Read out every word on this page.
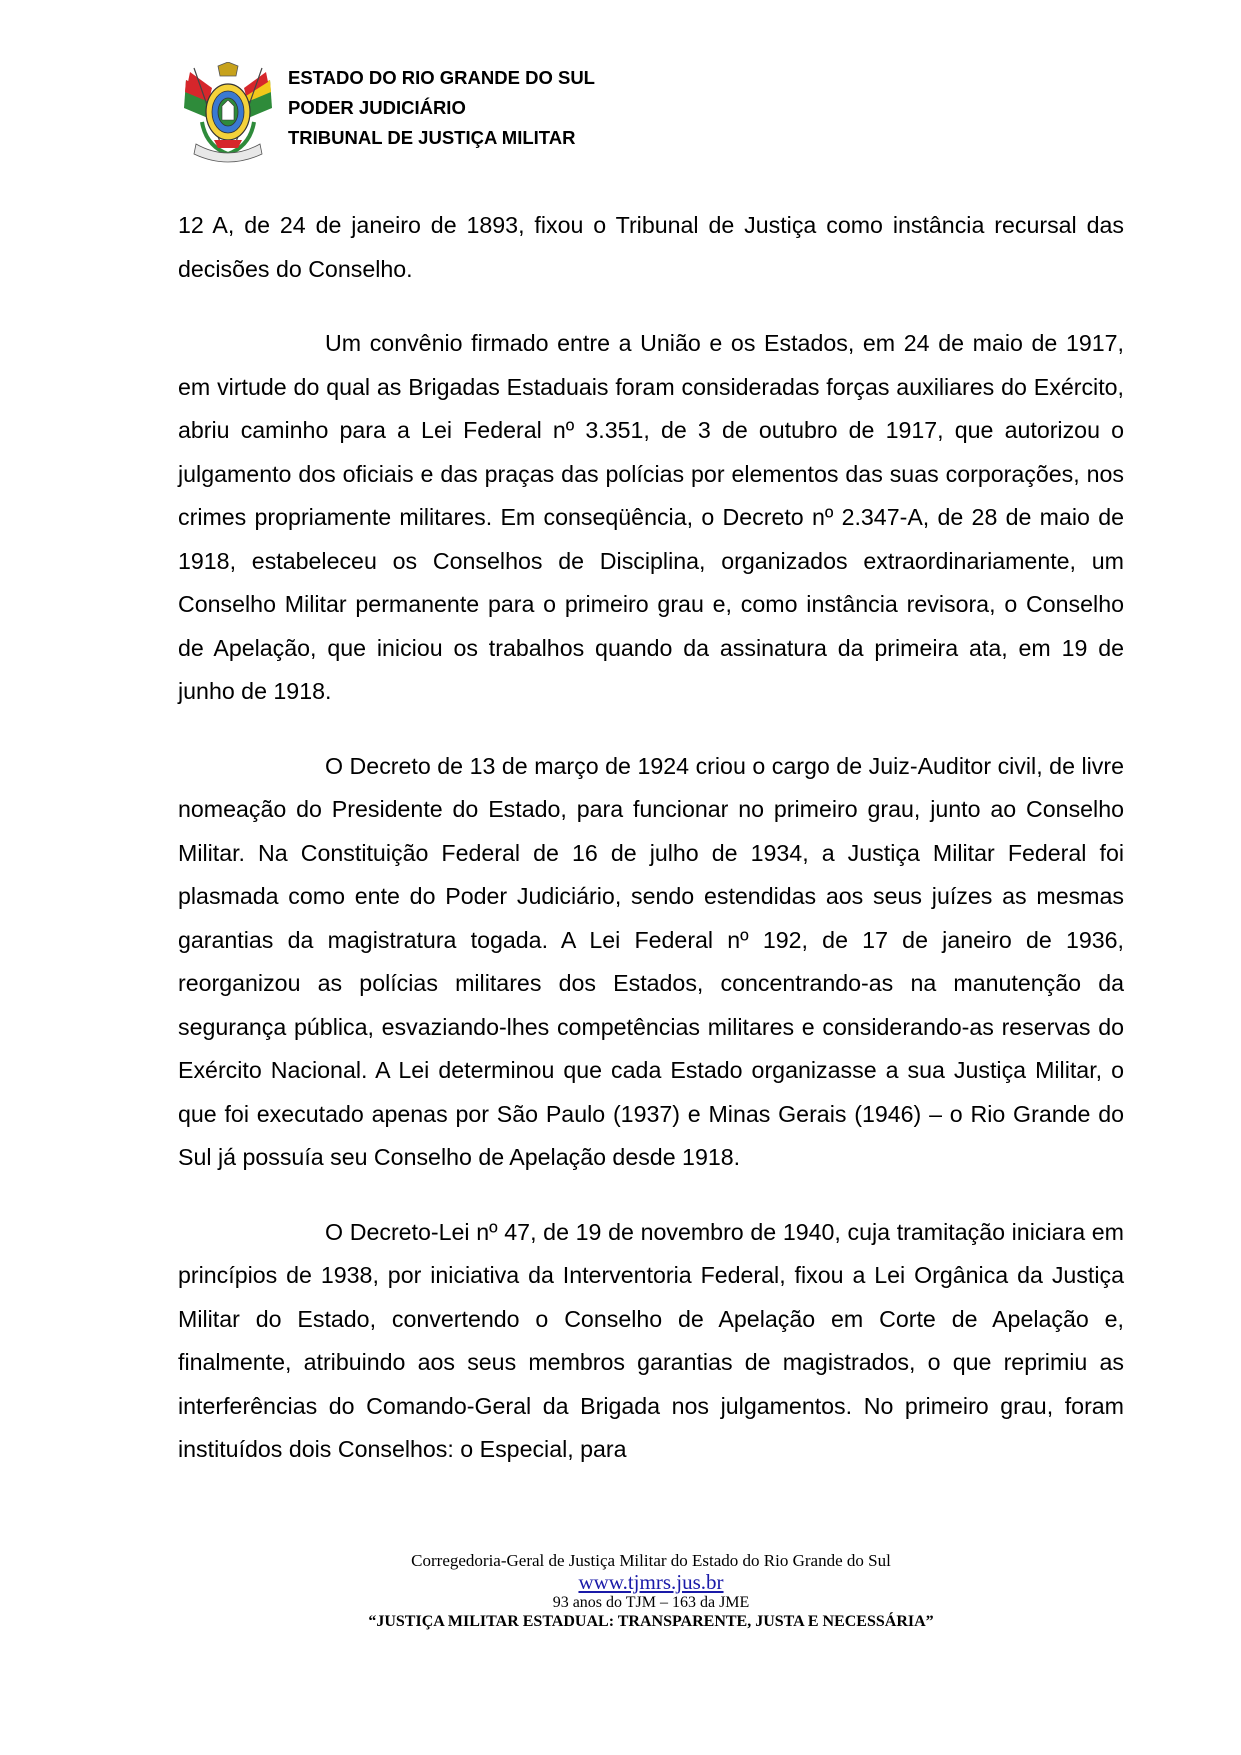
ESTADO DO RIO GRANDE DO SUL
PODER JUDICIÁRIO
TRIBUNAL DE JUSTIÇA MILITAR

12 A, de 24 de janeiro de 1893, fixou o Tribunal de Justiça como instância recursal das decisões do Conselho.

Um convênio firmado entre a União e os Estados, em 24 de maio de 1917, em virtude do qual as Brigadas Estaduais foram consideradas forças auxiliares do Exército, abriu caminho para a Lei Federal nº 3.351, de 3 de outubro de 1917, que autorizou o julgamento dos oficiais e das praças das polícias por elementos das suas corporações, nos crimes propriamente militares. Em conseqüência, o Decreto nº 2.347-A, de 28 de maio de 1918, estabeleceu os Conselhos de Disciplina, organizados extraordinariamente, um Conselho Militar permanente para o primeiro grau e, como instância revisora, o Conselho de Apelação, que iniciou os trabalhos quando da assinatura da primeira ata, em 19 de junho de 1918.

O Decreto de 13 de março de 1924 criou o cargo de Juiz-Auditor civil, de livre nomeação do Presidente do Estado, para funcionar no primeiro grau, junto ao Conselho Militar. Na Constituição Federal de 16 de julho de 1934, a Justiça Militar Federal foi plasmada como ente do Poder Judiciário, sendo estendidas aos seus juízes as mesmas garantias da magistratura togada. A Lei Federal nº 192, de 17 de janeiro de 1936, reorganizou as polícias militares dos Estados, concentrando-as na manutenção da segurança pública, esvaziando-lhes competências militares e considerando-as reservas do Exército Nacional. A Lei determinou que cada Estado organizasse a sua Justiça Militar, o que foi executado apenas por São Paulo (1937) e Minas Gerais (1946) – o Rio Grande do Sul já possuía seu Conselho de Apelação desde 1918.

O Decreto-Lei nº 47, de 19 de novembro de 1940, cuja tramitação iniciara em princípios de 1938, por iniciativa da Interventoria Federal, fixou a Lei Orgânica da Justiça Militar do Estado, convertendo o Conselho de Apelação em Corte de Apelação e, finalmente, atribuindo aos seus membros garantias de magistrados, o que reprimiu as interferências do Comando-Geral da Brigada nos julgamentos. No primeiro grau, foram instituídos dois Conselhos: o Especial, para

Corregedoria-Geral de Justiça Militar do Estado do Rio Grande do Sul
www.tjmrs.jus.br
93 anos do TJM – 163 da JME
“JUSTIÇA MILITAR ESTADUAL: TRANSPARENTE, JUSTA E NECESSÁRIA”
